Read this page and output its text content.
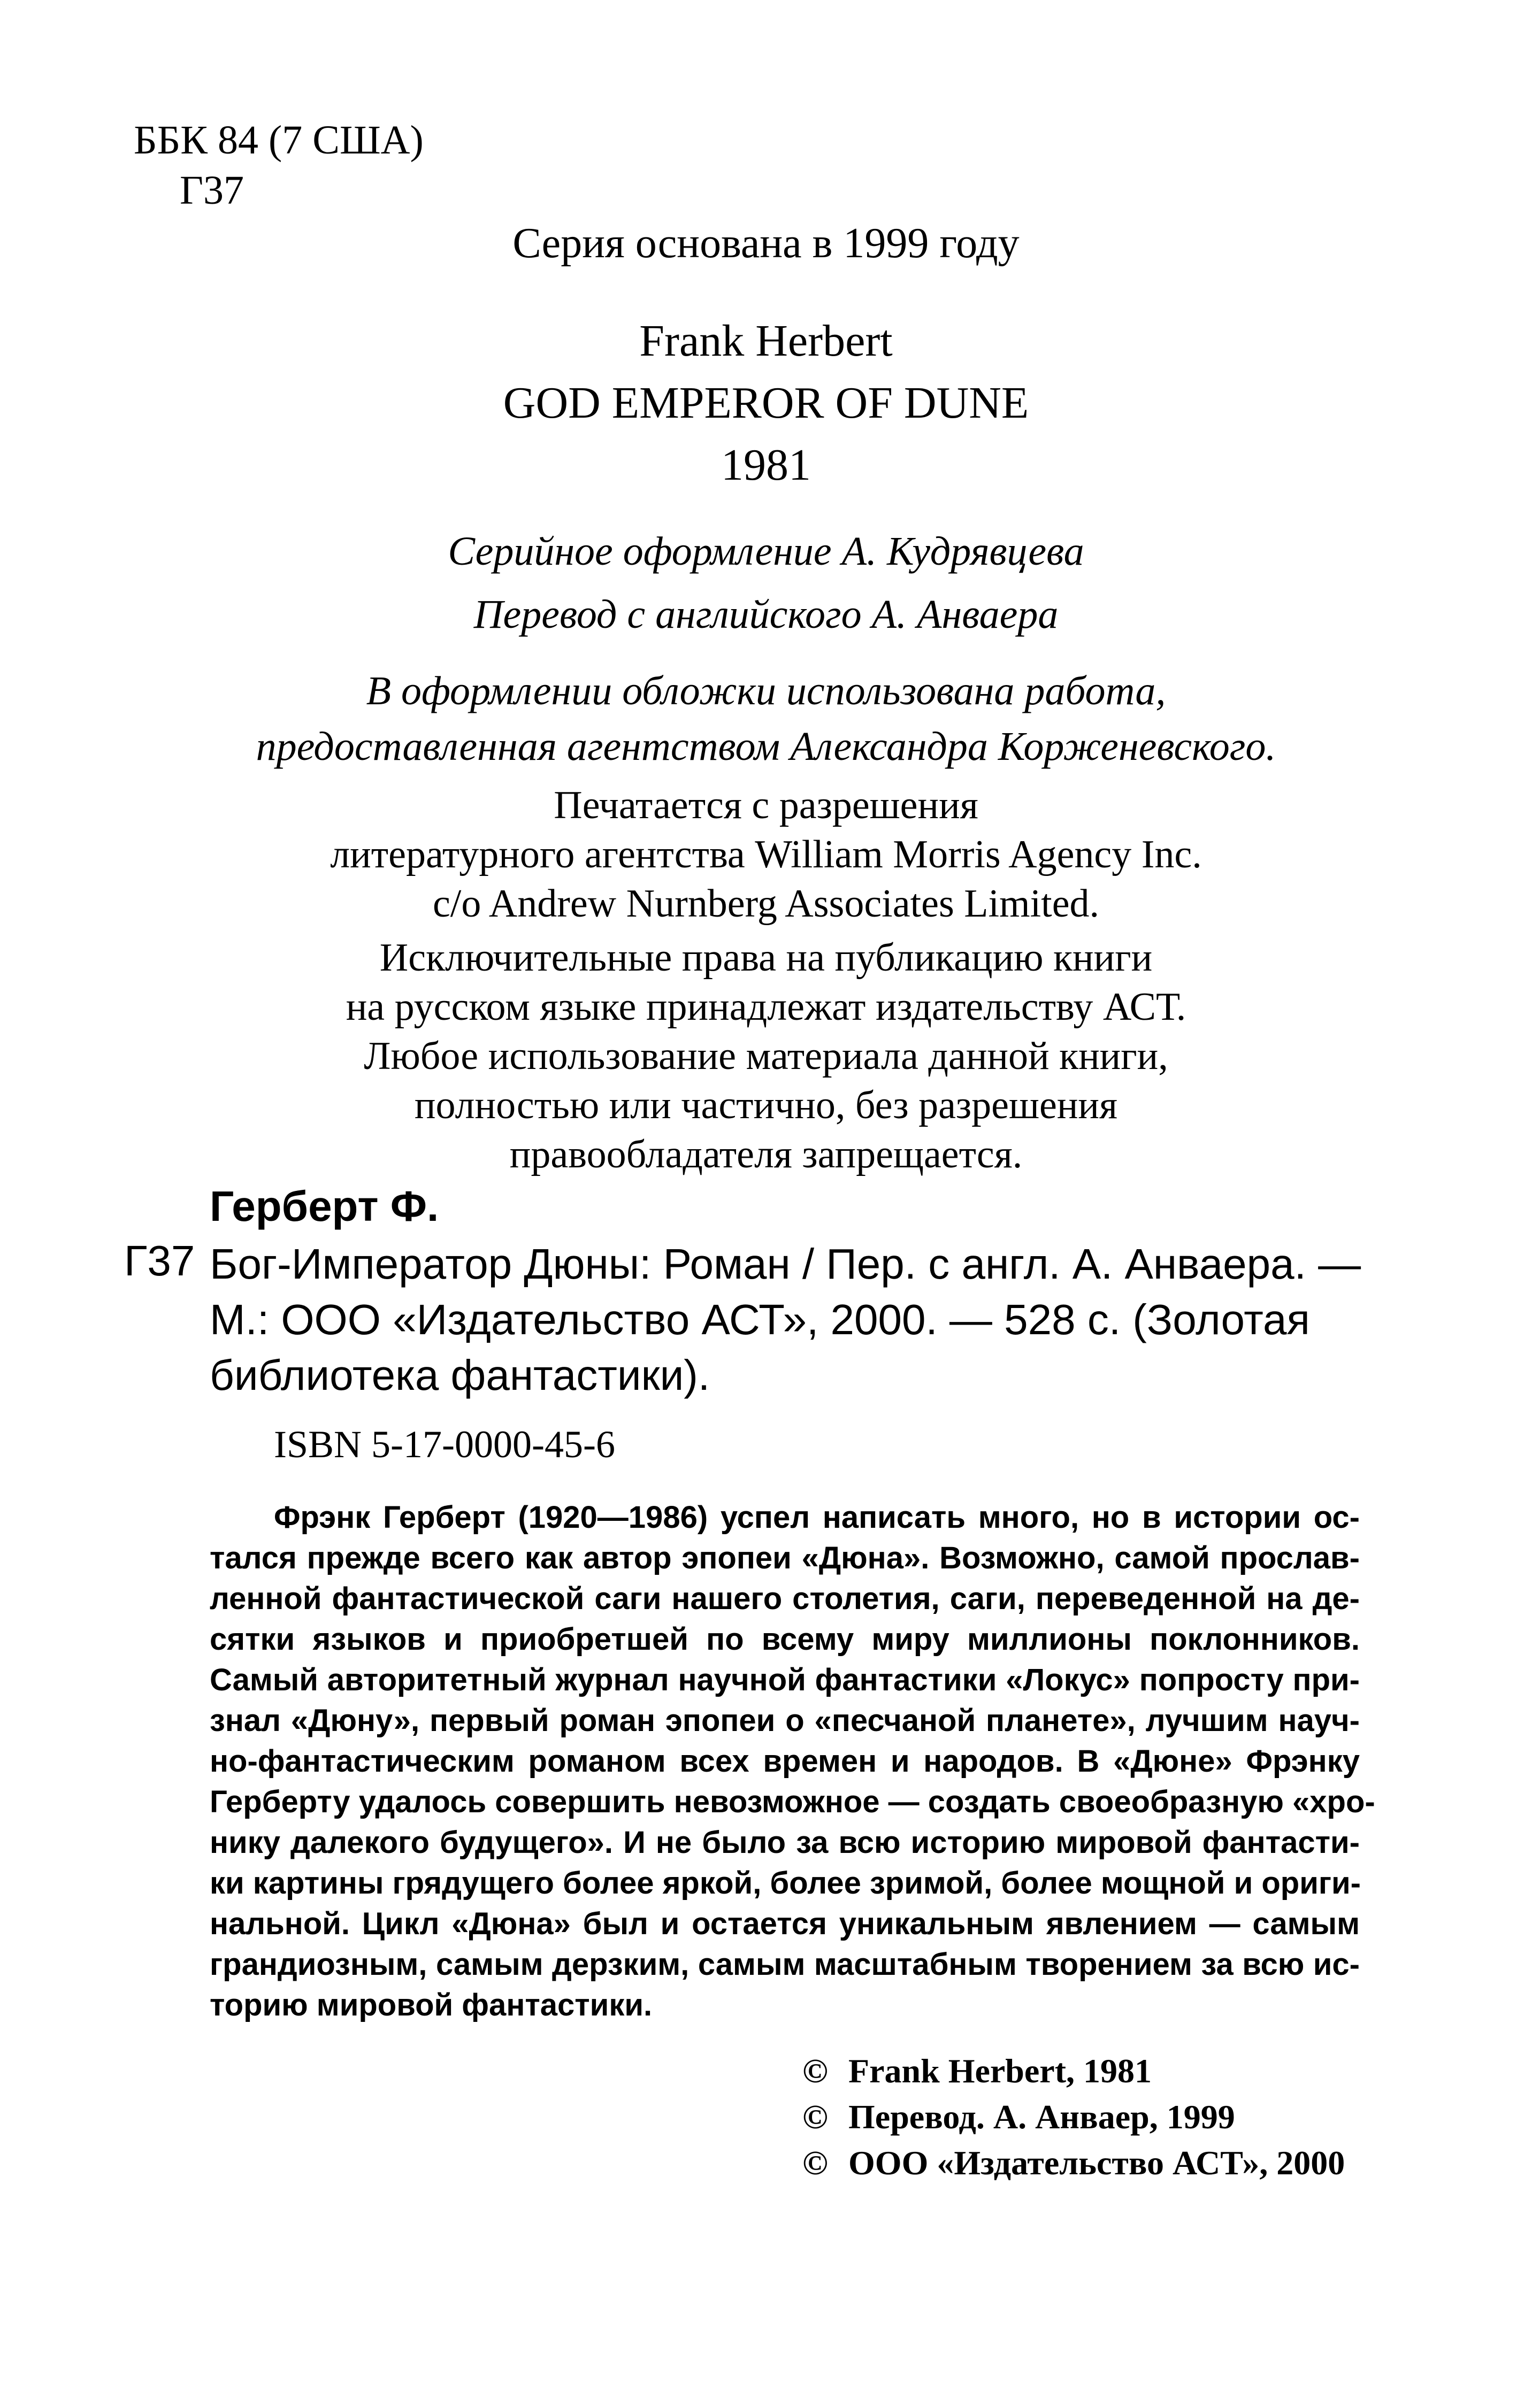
ББК 84 (7 США)
Г37
Серия основана в 1999 году
Frank Herbert
GOD EMPEROR OF DUNE
1981
Серийное оформление А. Кудрявцева
Перевод с английского А. Анваера
В оформлении обложки использована работа,
предоставленная агентством Александра Корженевского.
Печатается с разрешения
литературного агентства William Morris Agency Inc.
c/o Andrew Nurnberg Associates Limited.
Исключительные права на публикацию книги
на русском языке принадлежат издательству АСТ.
Любое использование материала данной книги,
полностью или частично, без разрешения
правообладателя запрещается.
Герберт Ф.
Г37 Бог-Император Дюны: Роман / Пер. с англ. А. Анваера. —
М.: ООО «Издательство АСТ», 2000. — 528 с. (Золотая
библиотека фантастики).
ISBN 5-17-0000-45-6
Фрэнк Герберт (1920—1986) успел написать много, но в истории ос-
тался прежде всего как автор эпопеи «Дюна». Возможно, самой прослав-
ленной фантастической саги нашего столетия, саги, переведенной на де-
сятки языков и приобретшей по всему миру миллионы поклонников.
Самый авторитетный журнал научной фантастики «Локус» попросту при-
знал «Дюну», первый роман эпопеи о «песчаной планете», лучшим науч-
но-фантастическим романом всех времен и народов. В «Дюне» Фрэнку
Герберту удалось совершить невозможное — создать своеобразную «хро-
нику далекого будущего». И не было за всю историю мировой фантасти-
ки картины грядущего более яркой, более зримой, более мощной и ориги-
нальной. Цикл «Дюна» был и остается уникальным явлением — самым
грандиозным, самым дерзким, самым масштабным творением за всю ис-
торию мировой фантастики.
© Frank Herbert, 1981
© Перевод. А. Анваер, 1999
© ООО «Издательство АСТ», 2000
